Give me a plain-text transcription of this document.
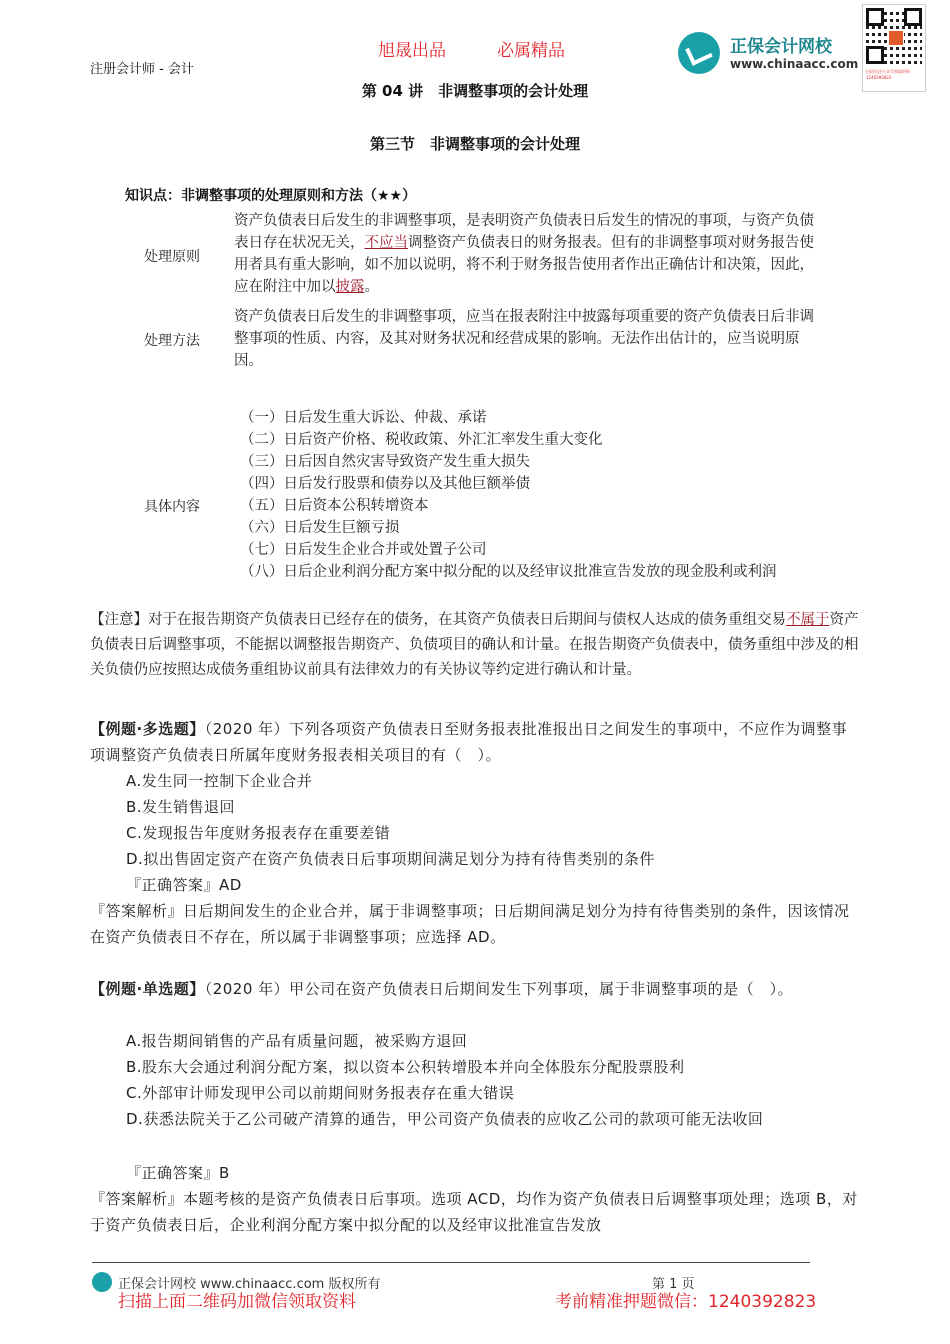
注册会计师 - 会计
旭晟出品	必属精品	正保会计网校
www.chinaacc.com
扫码关注公众号领取资料 1240392823
第 04 讲　非调整事项的会计处理
第三节　非调整事项的会计处理
知识点：非调整事项的处理原则和方法（★★）
处理原则
资产负债表日后发生的非调整事项，是表明资产负债表日后发生的情况的事项，与资产负债表日存在状况无关，不应当调整资产负债表日的财务报表。但有的非调整事项对财务报告使用者具有重大影响，如不加以说明，将不利于财务报告使用者作出正确估计和决策，因此，应在附注中加以披露。
处理方法
资产负债表日后发生的非调整事项，应当在报表附注中披露每项重要的资产负债表日后非调整事项的性质、内容，及其对财务状况和经营成果的影响。无法作出估计的，应当说明原因。
具体内容
（一）日后发生重大诉讼、仲裁、承诺
（二）日后资产价格、税收政策、外汇汇率发生重大变化
（三）日后因自然灾害导致资产发生重大损失
（四）日后发行股票和债券以及其他巨额举债
（五）日后资本公积转增资本
（六）日后发生巨额亏损
（七）日后发生企业合并或处置子公司
（八）日后企业利润分配方案中拟分配的以及经审议批准宣告发放的现金股利或利润
【注意】对于在报告期资产负债表日已经存在的债务，在其资产负债表日后期间与债权人达成的债务重组交易不属于资产负债表日后调整事项，不能据以调整报告期资产、负债项目的确认和计量。在报告期资产负债表中，债务重组中涉及的相关负债仍应按照达成债务重组协议前具有法律效力的有关协议等约定进行确认和计量。
【例题·多选题】（2020 年）下列各项资产负债表日至财务报表批准报出日之间发生的事项中，不应作为调整事项调整资产负债表日所属年度财务报表相关项目的有（　）。
A.发生同一控制下企业合并
B.发生销售退回
C.发现报告年度财务报表存在重要差错
D.拟出售固定资产在资产负债表日后事项期间满足划分为持有待售类别的条件
『正确答案』AD
『答案解析』日后期间发生的企业合并，属于非调整事项；日后期间满足划分为持有待售类别的条件，因该情况在资产负债表日不存在，所以属于非调整事项；应选择 AD。
【例题·单选题】（2020 年）甲公司在资产负债表日后期间发生下列事项，属于非调整事项的是（　）。
A.报告期间销售的产品有质量问题，被采购方退回
B.股东大会通过利润分配方案，拟以资本公积转增股本并向全体股东分配股票股利
C.外部审计师发现甲公司以前期间财务报表存在重大错误
D.获悉法院关于乙公司破产清算的通告，甲公司资产负债表的应收乙公司的款项可能无法收回
『正确答案』B
『答案解析』本题考核的是资产负债表日后事项。选项 ACD，均作为资产负债表日后调整事项处理；选项 B，对于资产负债表日后，企业利润分配方案中拟分配的以及经审议批准宣告发放
正保会计网校 www.chinaacc.com 版权所有	第 1 页
扫描上面二维码加微信领取资料	考前精准押题微信：1240392823
